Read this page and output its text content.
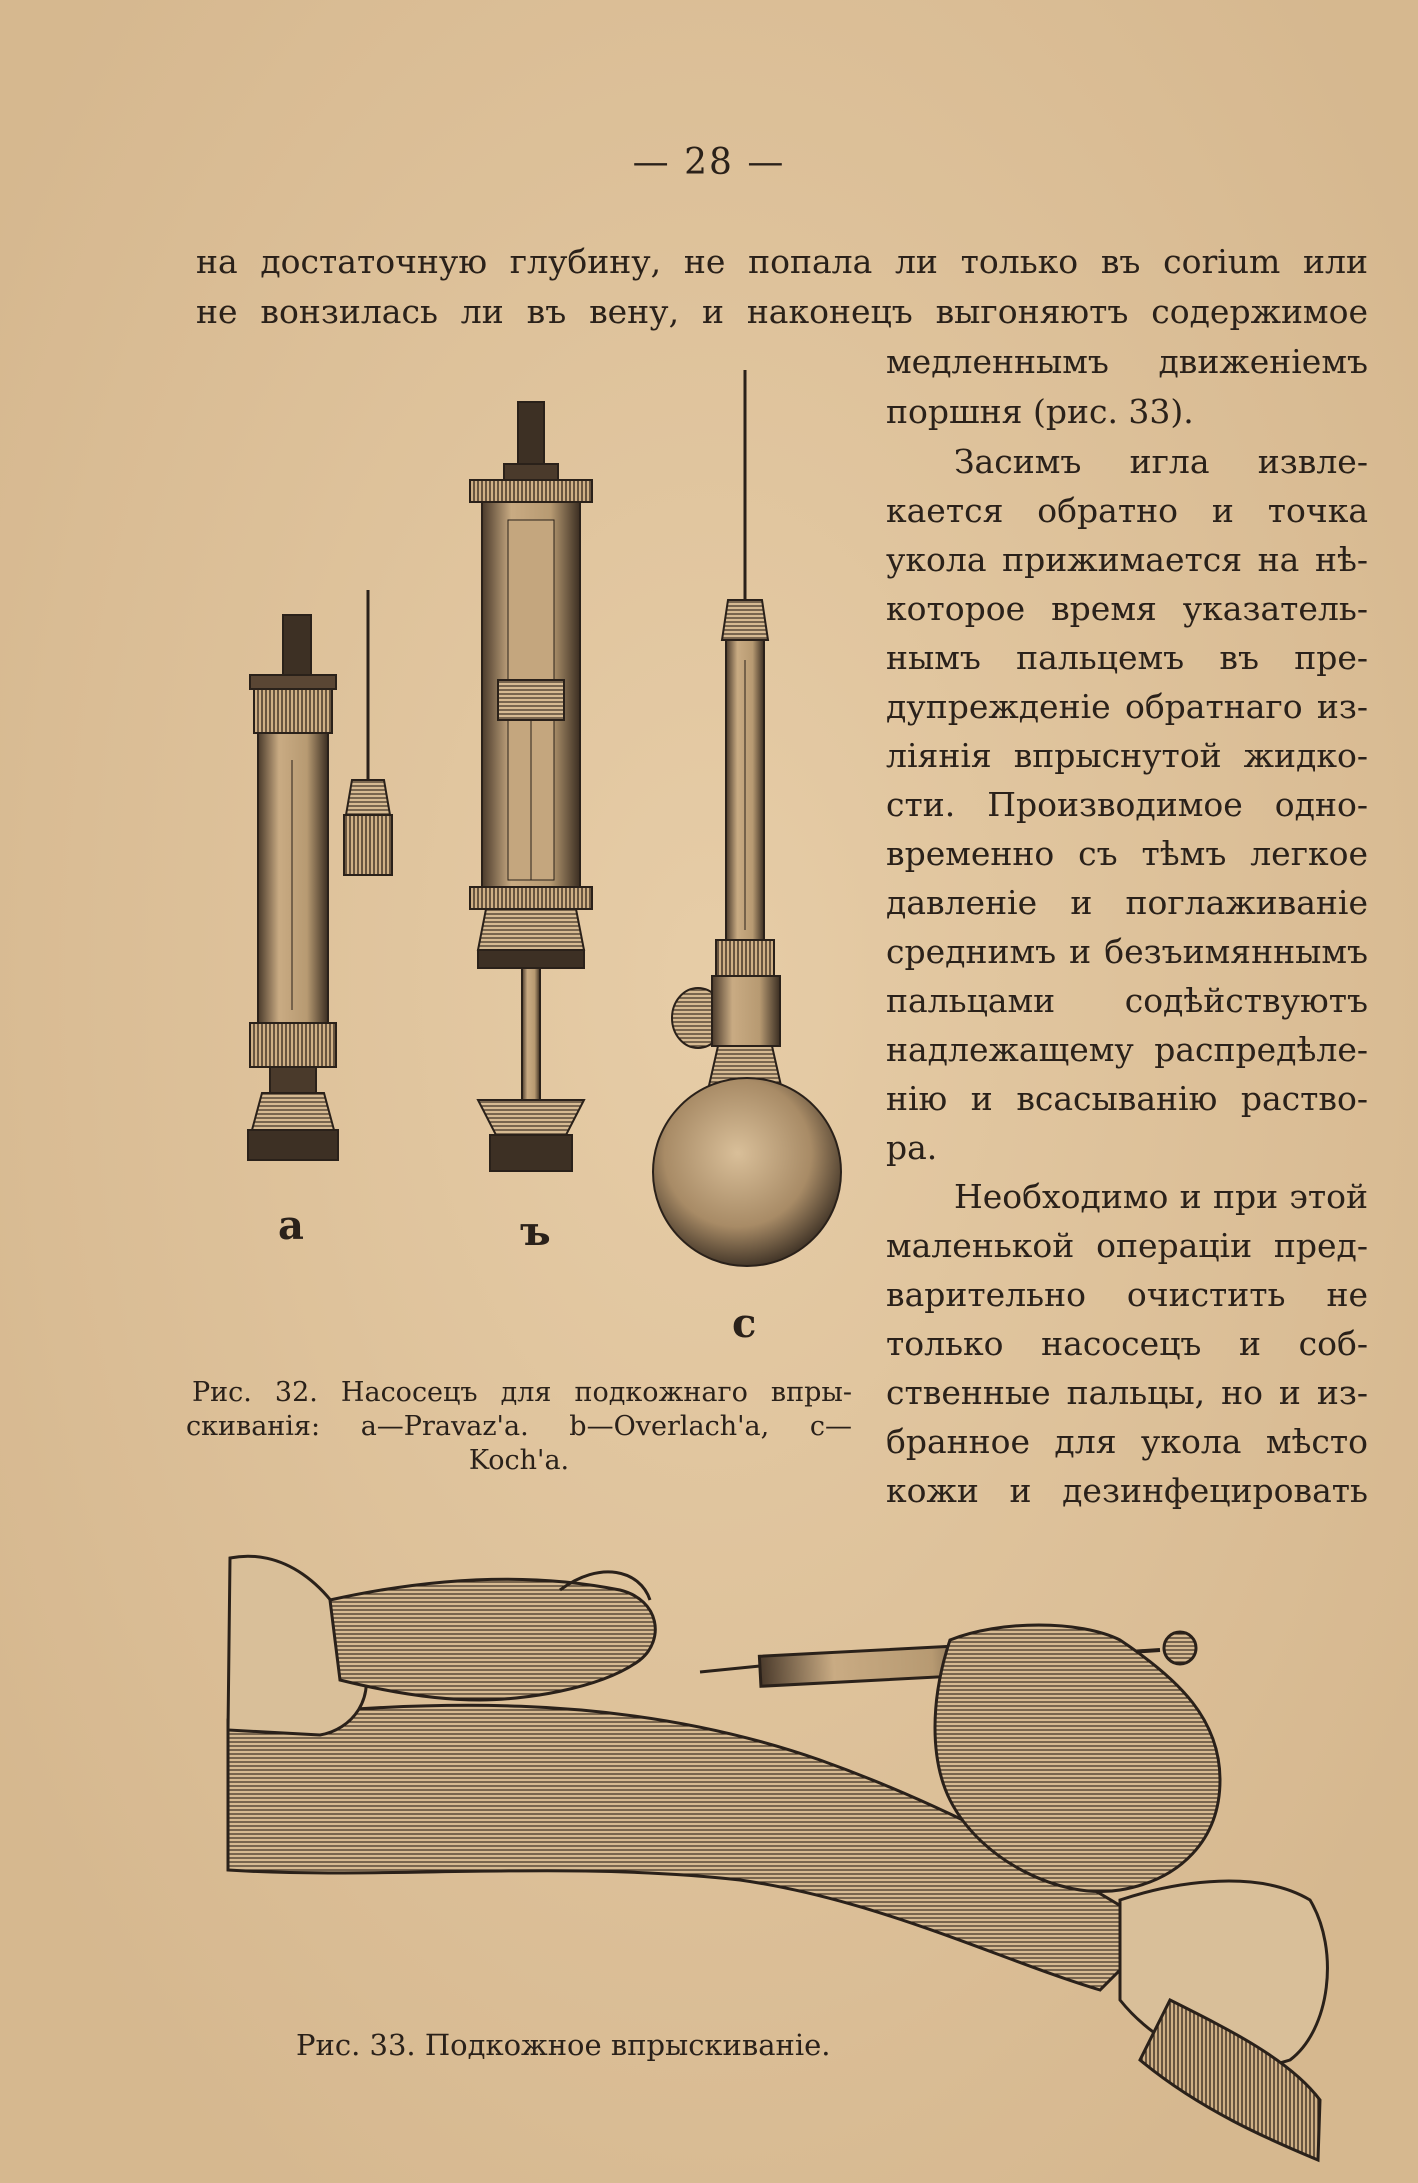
— 28 —
на достаточную глубину, не попала ли только въ corium или
не вонзилась ли въ вену, и наконецъ выгоняютъ содержимое
медленнымъ движеніемъ
поршня (рис. 33).
Засимъ игла извле-
кается обратно и точка
укола прижимается на нѣ-
которое время указатель-
нымъ пальцемъ въ пре-
дупрежденіе обратнаго из-
ліянія впрыснутой жидко-
сти. Производимое одно-
временно съ тѣмъ легкое
давленіе и поглаживаніе
среднимъ и безъимяннымъ
пальцами содѣйствуютъ
надлежащему распредѣле-
нію и всасыванію раство-
ра.
Необходимо и при этой
маленькой операціи пред-
варительно очистить не
только насосецъ и соб-
ственные пальцы, но и из-
бранное для укола мѣсто
кожи и дезинфецировать
a	ъ
c
Рис. 32. Насосецъ для подкожнаго впры-
скиванія: а—Pravaz'а. b—Overlach'а, с—
Koch'а.
Рис. 33. Подкожное впрыскиваніе.
